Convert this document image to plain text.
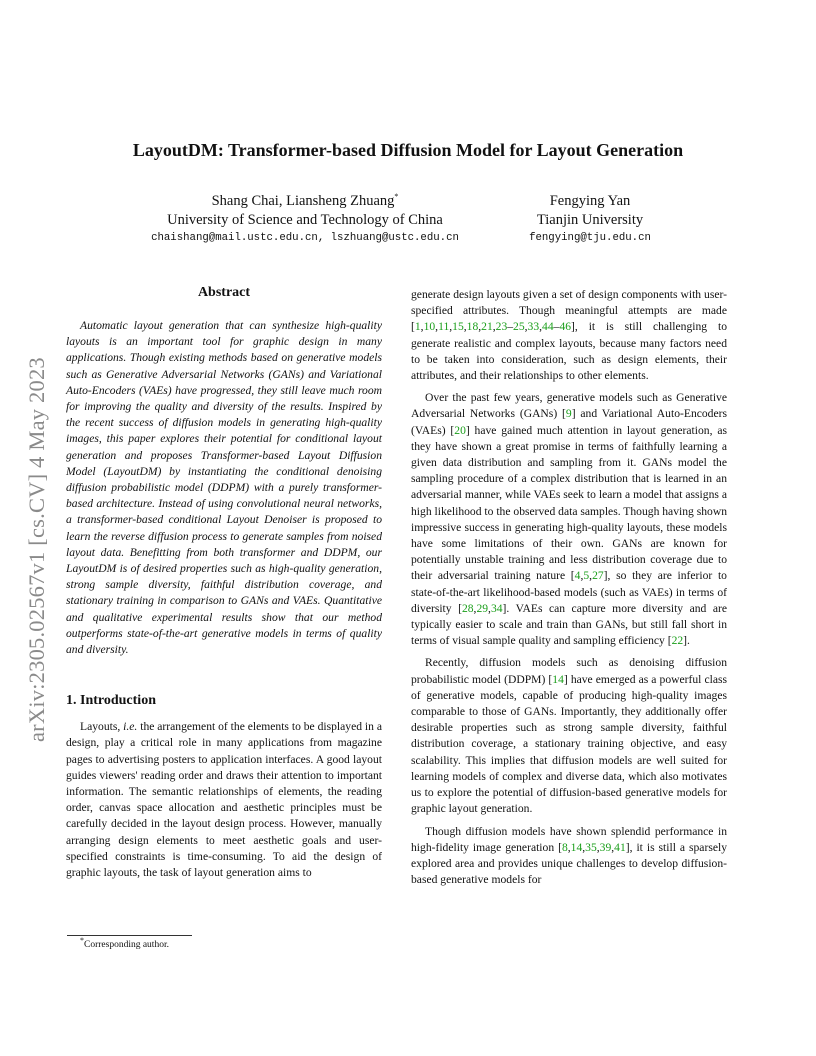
arXiv:2305.02567v1 [cs.CV] 4 May 2023
LayoutDM: Transformer-based Diffusion Model for Layout Generation
Shang Chai, Liansheng Zhuang*
University of Science and Technology of China
chaishang@mail.ustc.edu.cn, lszhuang@ustc.edu.cn
Fengying Yan
Tianjin University
fengying@tju.edu.cn
Abstract

Automatic layout generation that can synthesize high-quality layouts is an important tool for graphic design in many applications. Though existing methods based on generative models such as Generative Adversarial Networks (GANs) and Variational Auto-Encoders (VAEs) have progressed, they still leave much room for improving the quality and diversity of the results. Inspired by the recent success of diffusion models in generating high-quality images, this paper explores their potential for conditional layout generation and proposes Transformer-based Layout Diffusion Model (LayoutDM) by instantiating the conditional denoising diffusion probabilistic model (DDPM) with a purely transformer-based architecture. Instead of using convolutional neural networks, a transformer-based conditional Layout Denoiser is proposed to learn the reverse diffusion process to generate samples from noised layout data. Benefitting from both transformer and DDPM, our LayoutDM is of desired properties such as high-quality generation, strong sample diversity, faithful distribution coverage, and stationary training in comparison to GANs and VAEs. Quantitative and qualitative experimental results show that our method outperforms state-of-the-art generative models in terms of quality and diversity.

1. Introduction

Layouts, i.e. the arrangement of the elements to be displayed in a design, play a critical role in many applications from magazine pages to advertising posters to application interfaces. A good layout guides viewers' reading order and draws their attention to important information. The semantic relationships of elements, the reading order, canvas space allocation and aesthetic principles must be carefully decided in the layout design process. However, manually arranging design elements to meet aesthetic goals and user-specified constraints is time-consuming. To aid the design of graphic layouts, the task of layout generation aims to

*Corresponding author.

generate design layouts given a set of design components with user-specified attributes. Though meaningful attempts are made [1,10,11,15,18,21,23–25,33,44–46], it is still challenging to generate realistic and complex layouts, because many factors need to be taken into consideration, such as design elements, their attributes, and their relationships to other elements.

Over the past few years, generative models such as Generative Adversarial Networks (GANs) [9] and Variational Auto-Encoders (VAEs) [20] have gained much attention in layout generation, as they have shown a great promise in terms of faithfully learning a given data distribution and sampling from it. GANs model the sampling procedure of a complex distribution that is learned in an adversarial manner, while VAEs seek to learn a model that assigns a high likelihood to the observed data samples. Though having shown impressive success in generating high-quality layouts, these models have some limitations of their own. GANs are known for potentially unstable training and less distribution coverage due to their adversarial training nature [4,5,27], so they are inferior to state-of-the-art likelihood-based models (such as VAEs) in terms of diversity [28,29,34]. VAEs can capture more diversity and are typically easier to scale and train than GANs, but still fall short in terms of visual sample quality and sampling efficiency [22].

Recently, diffusion models such as denoising diffusion probabilistic model (DDPM) [14] have emerged as a powerful class of generative models, capable of producing high-quality images comparable to those of GANs. Importantly, they additionally offer desirable properties such as strong sample diversity, faithful distribution coverage, a stationary training objective, and easy scalability. This implies that diffusion models are well suited for learning models of complex and diverse data, which also motivates us to explore the potential of diffusion-based generative models for graphic layout generation.

Though diffusion models have shown splendid performance in high-fidelity image generation [8,14,35,39,41], it is still a sparsely explored area and provides unique challenges to develop diffusion-based generative models for
